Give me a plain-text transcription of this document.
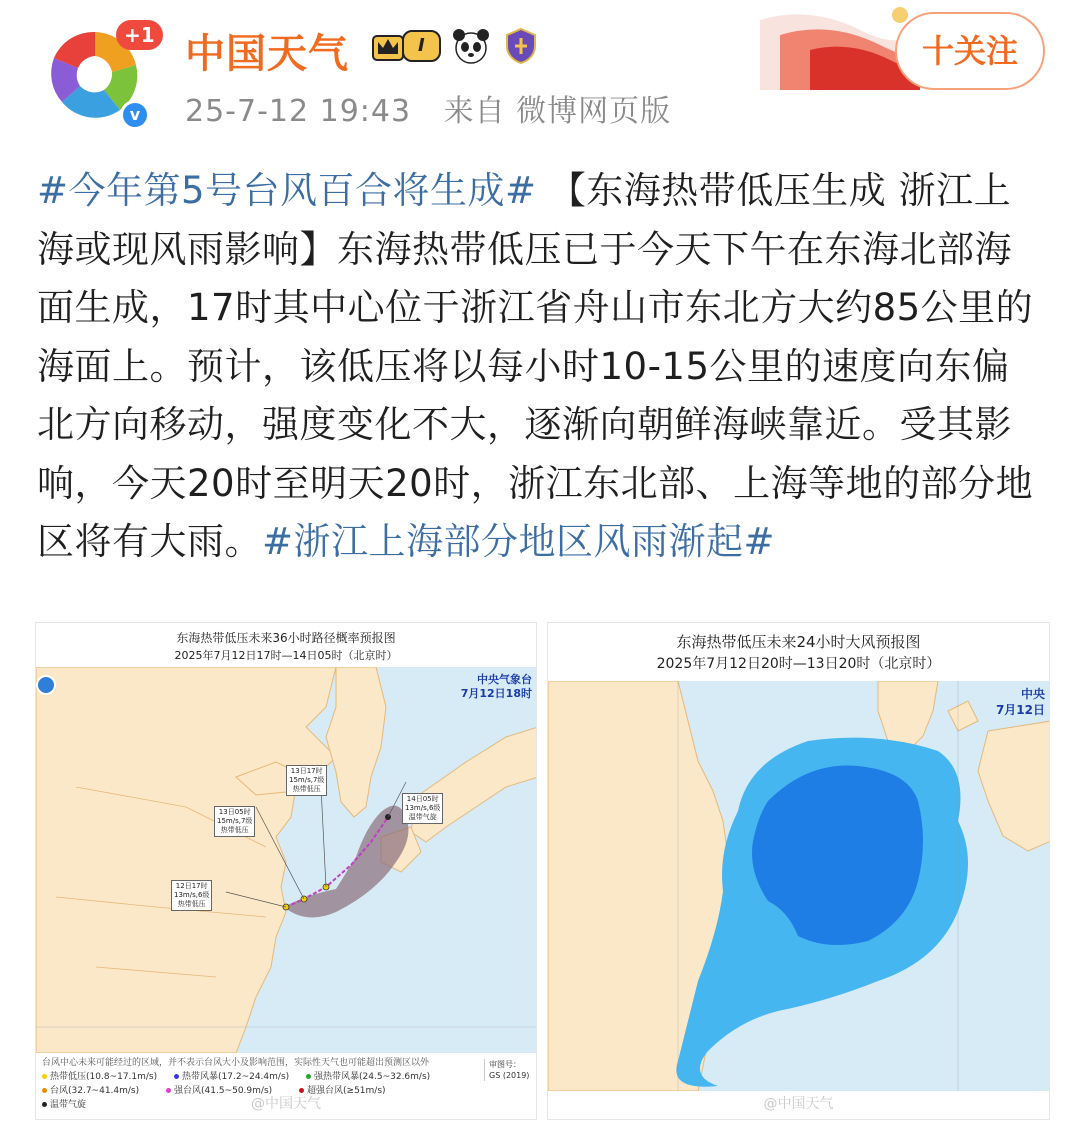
+1
v
中国天气	I
25-7-12 19:43 来自 微博网页版
十关注
#今年第5号台风百合将生成# 【东海热带低压生成 浙江上海或现风雨影响】东海热带低压已于今天下午在东海北部海面生成，17时其中心位于浙江省舟山市东北方大约85公里的海面上。预计，该低压将以每小时10-15公里的速度向东偏北方向移动，强度变化不大，逐渐向朝鲜海峡靠近。受其影响，今天20时至明天20时，浙江东北部、上海等地的部分地区将有大雨。#浙江上海部分地区风雨渐起#
东海热带低压未来36小时路径概率预报图
2025年7月12日17时—14日05时（北京时）
中央气象台
7月12日18时
12日17时
13m/s,6级
热带低压
13日05时
15m/s,7级
热带低压
13日17时
15m/s,7级
热带低压
14日05时
13m/s,6级
温带气旋
台风中心未来可能经过的区域，并不表示台风大小及影响范围，实际性天气也可能超出预测区以外
热带低压(10.8~17.1m/s)	热带风暴(17.2~24.4m/s)	强热带风暴(24.5~32.6m/s)
台风(32.7~41.4m/s)	强台风(41.5~50.9m/s)	超强台风(≥51m/s)
温带气旋
审图号：
GS (2019)
@中国天气
东海热带低压未来24小时大风预报图
2025年7月12日20时—13日20时（北京时）
中央
7月12日
@中国天气
